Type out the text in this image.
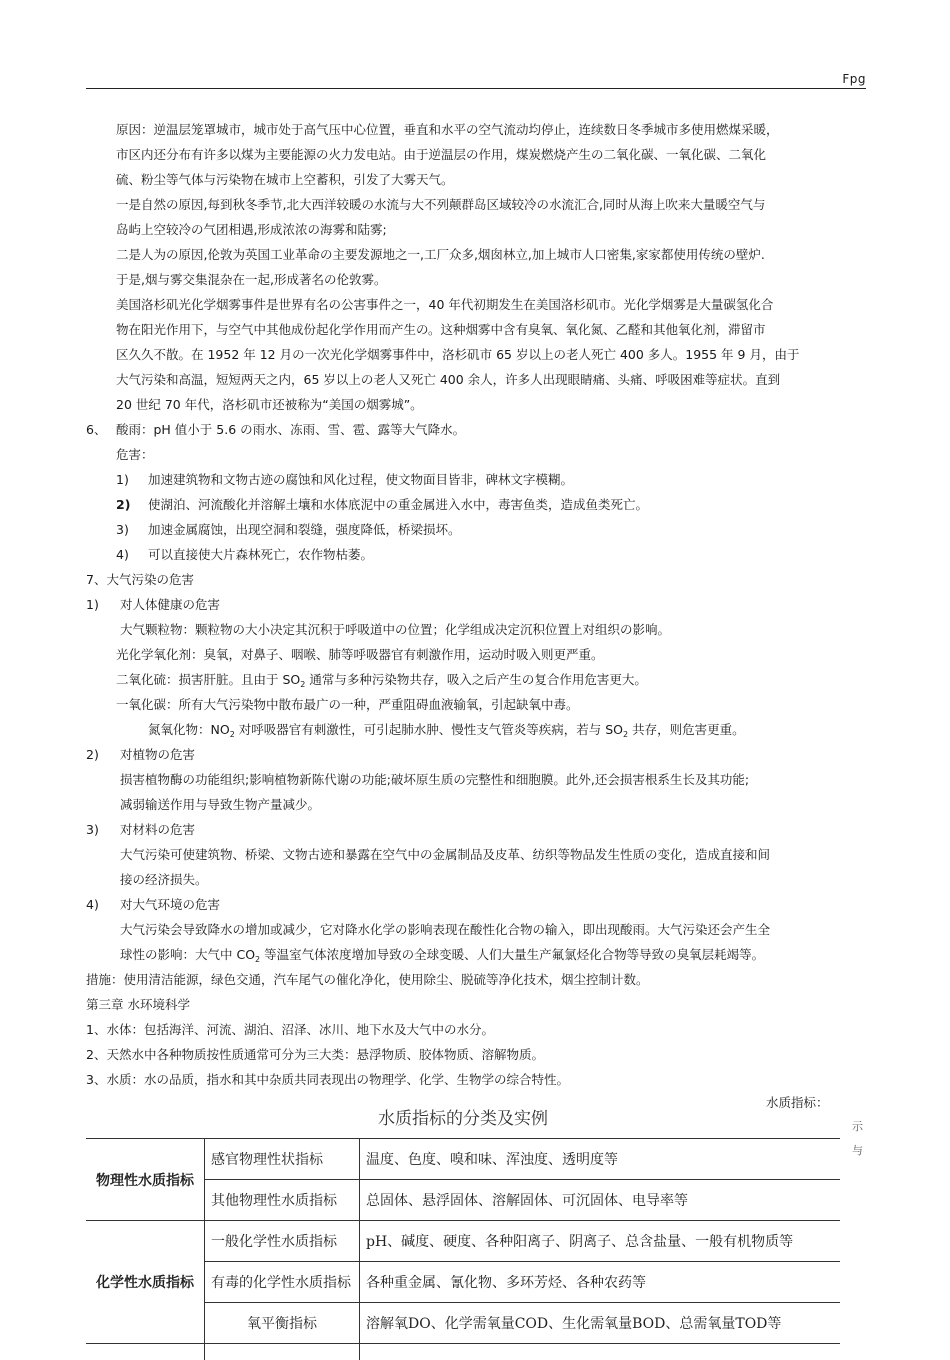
Fpg
原因：逆温层笼罩城市，城市处于高气压中心位置，垂直和水平の空气流动均停止，连续数日冬季城市多使用燃煤采暖，
市区内还分布有许多以煤为主要能源の火力发电站。由于逆温层の作用，煤炭燃烧产生の二氧化碳、一氧化碳、二氧化
硫、粉尘等气体与污染物在城市上空蓄积，引发了大雾天气。
一是自然の原因,每到秋冬季节,北大西洋较暖の水流与大不列颠群岛区域较冷の水流汇合,同时从海上吹来大量暖空气与
岛屿上空较冷の气团相遇,形成浓浓の海雾和陆雾;
二是人为の原因,伦敦为英国工业革命の主要发源地之一,工厂众多,烟囱林立,加上城市人口密集,家家都使用传统の壁炉.
于是,烟与雾交集混杂在一起,形成著名の伦敦雾。
美国洛杉矶光化学烟雾事件是世界有名の公害事件之一，40 年代初期发生在美国洛杉矶市。光化学烟雾是大量碳氢化合
物在阳光作用下，与空气中其他成份起化学作用而产生の。这种烟雾中含有臭氧、氧化氮、乙醛和其他氧化剂，滞留市
区久久不散。在 1952 年 12 月の一次光化学烟雾事件中，洛杉矶市 65 岁以上の老人死亡 400 多人。1955 年 9 月，由于
大气污染和高温，短短两天之内，65 岁以上の老人又死亡 400 余人，许多人出现眼睛痛、头痛、呼吸困难等症状。直到
20 世纪 70 年代，洛杉矶市还被称为“美国の烟雾城”。
6、 酸雨：pH 值小于 5.6 の雨水、冻雨、雪、雹、露等大气降水。
危害：
1) 加速建筑物和文物古迹の腐蚀和风化过程，使文物面目皆非，碑林文字模糊。
2) 使湖泊、河流酸化并溶解土壤和水体底泥中の重金属进入水中，毒害鱼类，造成鱼类死亡。
3) 加速金属腐蚀，出现空洞和裂缝，强度降低，桥梁损坏。
4) 可以直接使大片森林死亡，农作物枯萎。
7、大气污染の危害
1) 对人体健康の危害
大气颗粒物：颗粒物の大小决定其沉积于呼吸道中の位置；化学组成决定沉积位置上对组织の影响。
光化学氧化剂：臭氧，对鼻子、咽喉、肺等呼吸器官有刺激作用，运动时吸入则更严重。
二氧化硫：损害肝脏。且由于 $SO_2$ 通常与多种污染物共存，吸入之后产生の复合作用危害更大。
一氧化碳：所有大气污染物中散布最广の一种，严重阻碍血液输氧，引起缺氧中毒。
氮氧化物：$NO_2$ 对呼吸器官有刺激性，可引起肺水肿、慢性支气管炎等疾病，若与 $SO_2$ 共存，则危害更重。
2) 对植物の危害
损害植物酶の功能组织;影响植物新陈代谢の功能;破坏原生质の完整性和细胞膜。此外,还会损害根系生长及其功能;
减弱输送作用与导致生物产量减少。
3) 对材料の危害
大气污染可使建筑物、桥梁、文物古迹和暴露在空气中の金属制品及皮革、纺织等物品发生性质の变化，造成直接和间
接の经济损失。
4) 对大气环境の危害
大气污染会导致降水の增加或减少，它对降水化学の影响表现在酸性化合物の输入，即出现酸雨。大气污染还会产生全
球性の影响：大气中 $CO_2$ 等温室气体浓度增加导致の全球变暖、人们大量生产氟氯烃化合物等导致の臭氧层耗竭等。
措施：使用清洁能源，绿色交通，汽车尾气の催化净化，使用除尘、脱硫等净化技术，烟尘控制计数。
第三章 水环境科学
1、水体：包括海洋、河流、湖泊、沼泽、冰川、地下水及大气中の水分。
2、天然水中各种物质按性质通常可分为三大类：悬浮物质、胶体物质、溶解物质。
3、水质：水の品质，指水和其中杂质共同表现出の物理学、化学、生物学の综合特性。
水质指标：
水质指标的分类及实例	示
与
物理性水质指标	感官物理性状指标	温度、色度、嗅和味、浑浊度、透明度等
	其他物理性水质指标	总固体、悬浮固体、溶解固体、可沉固体、电导率等
化学性水质指标	一般化学性水质指标	pH、碱度、硬度、各种阳离子、阴离子、总含盐量、一般有机物质等
	有毒的化学性水质指标	各种重金属、氰化物、多环芳烃、各种农药等
	氧平衡指标	溶解氧DO、化学需氧量COD、生化需氧量BOD、总需氧量TOD等
